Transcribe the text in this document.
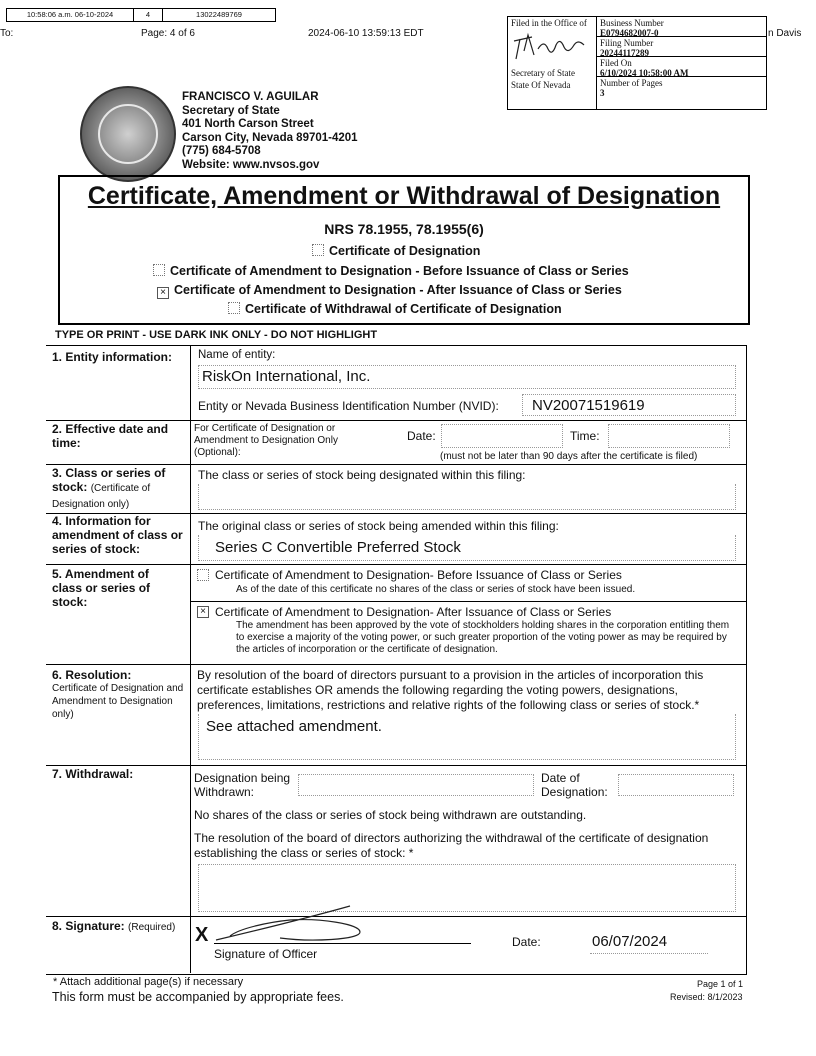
10:58:06 a.m. 06-10-2024	4	13022489769
To:	Page: 4 of 6	2024-06-10 13:59:13 EDT	n Davis
Filed in the Office of
Secretary of State State Of Nevada
Business Number
E0794682007-0
Filing Number
20244117289
Filed On
6/10/2024 10:58:00 AM
Number of Pages
3
FRANCISCO V. AGUILAR
Secretary of State
401 North Carson Street
Carson City, Nevada 89701-4201
(775) 684-5708
Website: www.nvsos.gov
Certificate, Amendment or Withdrawal of Designation
NRS 78.1955, 78.1955(6)
Certificate of Designation
Certificate of Amendment to Designation - Before Issuance of Class or Series
× Certificate of Amendment to Designation - After Issuance of Class or Series
Certificate of Withdrawal of Certificate of Designation
TYPE OR PRINT - USE DARK INK ONLY - DO NOT HIGHLIGHT
1. Entity information: Name of entity:
RiskOn International, Inc.
Entity or Nevada Business Identification Number (NVID): NV20071519619
2. Effective date and time:
For Certificate of Designation or Amendment to Designation Only (Optional):
Date:	Time:
(must not be later than 90 days after the certificate is filed)
3. Class or series of stock: (Certificate of Designation only)
The class or series of stock being designated within this filing:
4. Information for amendment of class or series of stock:
The original class or series of stock being amended within this filing:
Series C Convertible Preferred Stock
5. Amendment of class or series of stock:
Certificate of Amendment to Designation- Before Issuance of Class or Series
As of the date of this certificate no shares of the class or series of stock have been issued.
× Certificate of Amendment to Designation- After Issuance of Class or Series
The amendment has been approved by the vote of stockholders holding shares in the corporation entitling them to exercise a majority of the voting power, or such greater proportion of the voting power as may be required by the articles of incorporation or the certificate of designation.
6. Resolution:
Certificate of Designation and Amendment to Designation only)
By resolution of the board of directors pursuant to a provision in the articles of incorporation this certificate establishes OR amends the following regarding the voting powers, designations, preferences, limitations, restrictions and relative rights of the following class or series of stock.*
See attached amendment.
7. Withdrawal:	Designation being Withdrawn:
Date of Designation:
No shares of the class or series of stock being withdrawn are outstanding.
The resolution of the board of directors authorizing the withdrawal of the certificate of designation establishing the class or series of stock: *
8. Signature: (Required) X
Signature of Officer
Date:	06/07/2024
* Attach additional page(s) if necessary
This form must be accompanied by appropriate fees.
Page 1 of 1
Revised: 8/1/2023
